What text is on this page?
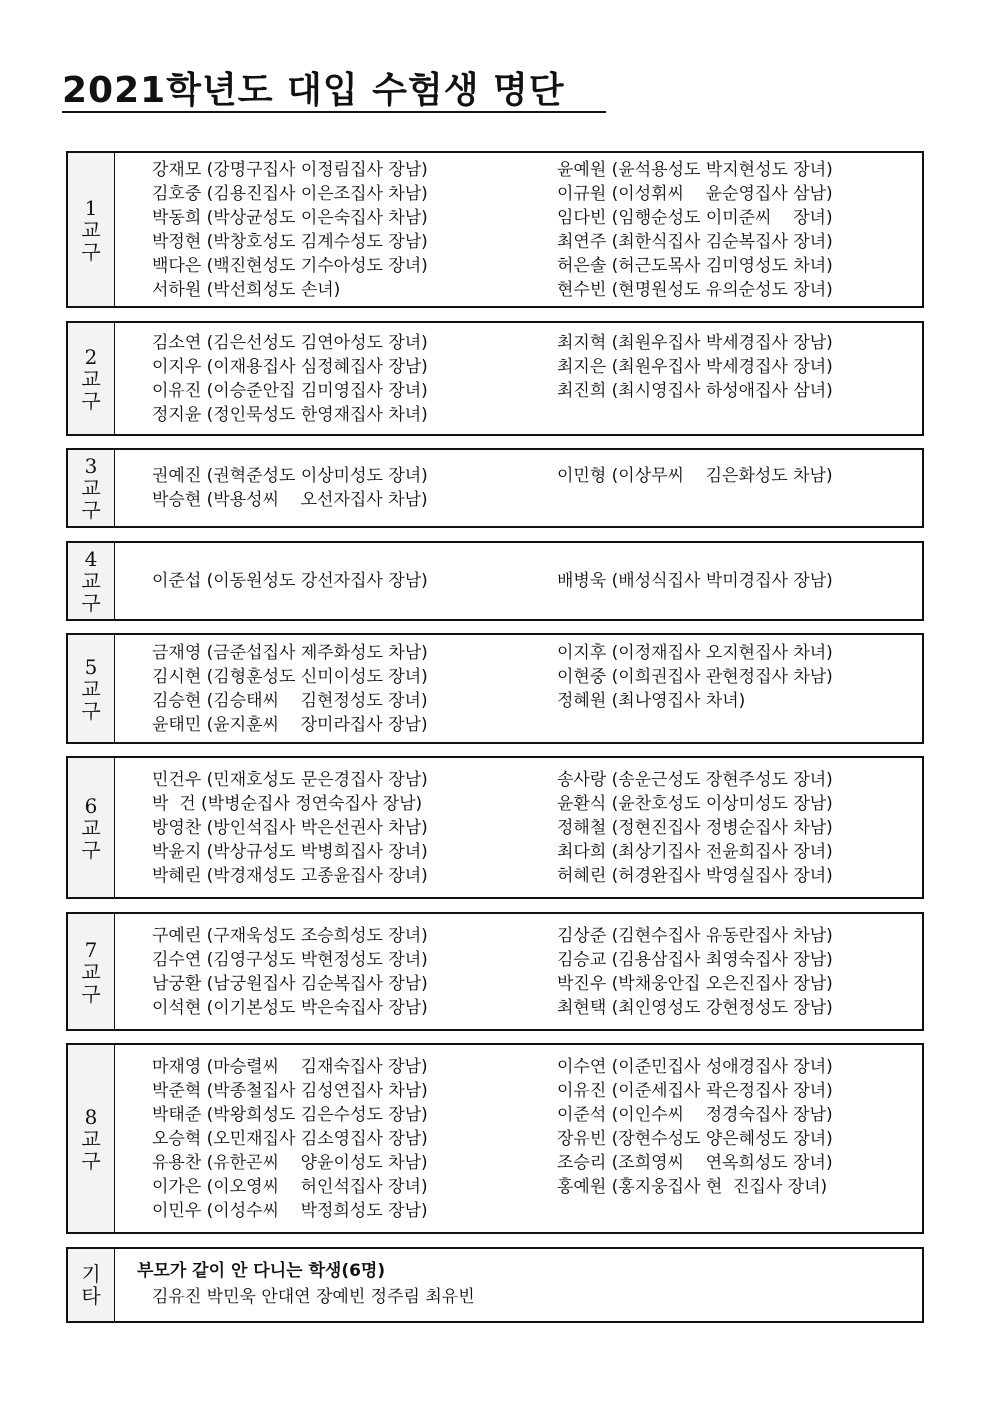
2021학년도 대입 수험생 명단
1교구
강재모 (강명구집사 이정림집사 장남)
김호중 (김용진집사 이은조집사 차남)
박동희 (박상균성도 이은숙집사 차남)
박정현 (박창호성도 김계수성도 장남)
백다은 (백진현성도 기수아성도 장녀)
서하원 (박선희성도 손녀)
윤예원 (윤석용성도 박지현성도 장녀)
이규원 (이성휘씨    윤순영집사 삼남)
임다빈 (임행순성도 이미준씨    장녀)
최연주 (최한식집사 김순복집사 장녀)
허은솔 (허근도목사 김미영성도 차녀)
현수빈 (현명원성도 유의순성도 장녀)
2교구
김소연 (김은선성도 김연아성도 장녀)
이지우 (이재용집사 심정혜집사 장남)
이유진 (이승준안집 김미영집사 장녀)
정지윤 (정인묵성도 한영재집사 차녀)
최지혁 (최원우집사 박세경집사 장남)
최지은 (최원우집사 박세경집사 장녀)
최진희 (최시영집사 하성애집사 삼녀)
3교구
권예진 (권혁준성도 이상미성도 장녀)
박승현 (박용성씨    오선자집사 차남)
이민형 (이상무씨    김은화성도 차남)
4교구
이준섭 (이동원성도 강선자집사 장남)	배병욱 (배성식집사 박미경집사 장남)
5교구
금재영 (금준섭집사 제주화성도 차남)
김시현 (김형훈성도 신미이성도 장녀)
김승현 (김승태씨    김현정성도 장녀)
윤태민 (윤지훈씨    장미라집사 장남)
이지후 (이정재집사 오지현집사 차녀)
이현중 (이희권집사 관현정집사 차남)
정혜원 (최나영집사 차녀)
6교구
민건우 (민재호성도 문은경집사 장남)
박  건 (박병순집사 정연숙집사 장남)
방영찬 (방인석집사 박은선권사 차남)
박윤지 (박상규성도 박병희집사 장녀)
박혜린 (박경재성도 고종윤집사 장녀)
송사랑 (송운근성도 장현주성도 장녀)
윤환식 (윤찬호성도 이상미성도 장남)
정해철 (정현진집사 정병순집사 차남)
최다희 (최상기집사 전윤희집사 장녀)
허혜린 (허경완집사 박영실집사 장녀)
7교구
구예린 (구재욱성도 조승희성도 장녀)
김수연 (김영구성도 박현정성도 장녀)
남궁환 (남궁원집사 김순복집사 장남)
이석현 (이기본성도 박은숙집사 장남)
김상준 (김현수집사 유동란집사 차남)
김승교 (김용삼집사 최영숙집사 장남)
박진우 (박채웅안집 오은진집사 장남)
최현택 (최인영성도 강현정성도 장남)
8교구
마재영 (마승렬씨    김재숙집사 장남)
박준혁 (박종철집사 김성연집사 차남)
박태준 (박왕희성도 김은수성도 장남)
오승혁 (오민재집사 김소영집사 장남)
유용찬 (유한곤씨    양윤이성도 차남)
이가은 (이오영씨    허인석집사 장녀)
이민우 (이성수씨    박정희성도 장남)
이수연 (이준민집사 성애경집사 장녀)
이유진 (이준세집사 곽은정집사 장녀)
이준석 (이인수씨    정경숙집사 장남)
장유빈 (장현수성도 양은혜성도 장녀)
조승리 (조희영씨    연옥희성도 장녀)
홍예원 (홍지웅집사 현  진집사 장녀)
기타
부모가 같이 안 다니는 학생(6명)
김유진 박민욱 안대연 장예빈 정주림 최유빈
